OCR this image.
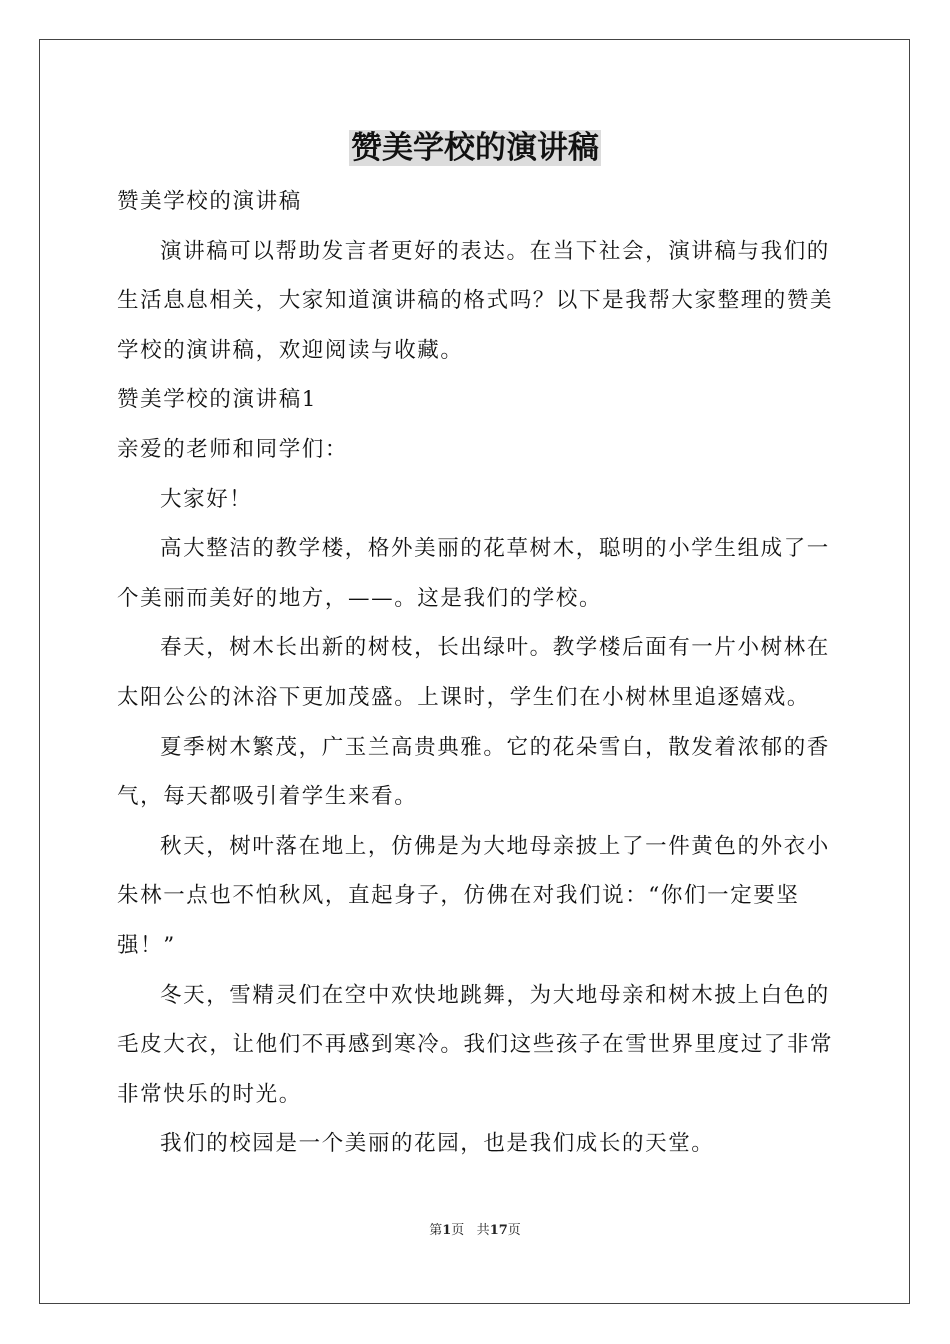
赞美学校的演讲稿

赞美学校的演讲稿

演讲稿可以帮助发言者更好的表达。在当下社会，演讲稿与我们的生活息息相关，大家知道演讲稿的格式吗？以下是我帮大家整理的赞美学校的演讲稿，欢迎阅读与收藏。

赞美学校的演讲稿1

亲爱的老师和同学们：

大家好！

高大整洁的教学楼，格外美丽的花草树木，聪明的小学生组成了一个美丽而美好的地方，——。这是我们的学校。

春天，树木长出新的树枝，长出绿叶。教学楼后面有一片小树林在太阳公公的沐浴下更加茂盛。上课时，学生们在小树林里追逐嬉戏。

夏季树木繁茂，广玉兰高贵典雅。它的花朵雪白，散发着浓郁的香气，每天都吸引着学生来看。

秋天，树叶落在地上，仿佛是为大地母亲披上了一件黄色的外衣小朱林一点也不怕秋风，直起身子，仿佛在对我们说：“你们一定要坚强！”

冬天，雪精灵们在空中欢快地跳舞，为大地母亲和树木披上白色的毛皮大衣，让他们不再感到寒冷。我们这些孩子在雪世界里度过了非常非常快乐的时光。

我们的校园是一个美丽的花园，也是我们成长的天堂。

第1页 共17页
